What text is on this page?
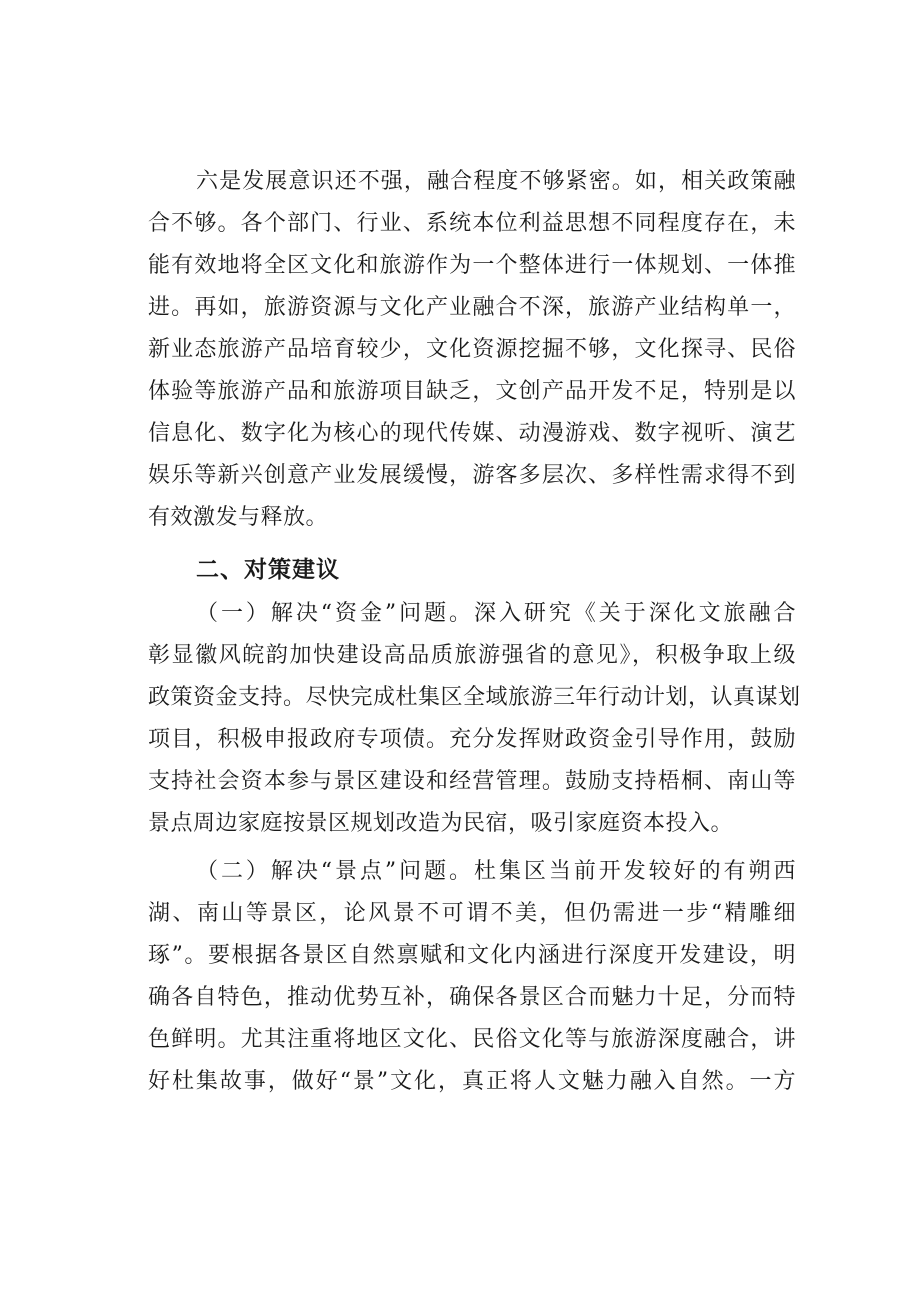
六是发展意识还不强，融合程度不够紧密。如，相关政策融
合不够。各个部门、行业、系统本位利益思想不同程度存在，未
能有效地将全区文化和旅游作为一个整体进行一体规划、一体推
进。再如，旅游资源与文化产业融合不深，旅游产业结构单一，
新业态旅游产品培育较少，文化资源挖掘不够，文化探寻、民俗
体验等旅游产品和旅游项目缺乏，文创产品开发不足，特别是以
信息化、数字化为核心的现代传媒、动漫游戏、数字视听、演艺
娱乐等新兴创意产业发展缓慢，游客多层次、多样性需求得不到
有效激发与释放。
二、对策建议
（一）解决“资金”问题。深入研究《关于深化文旅融合
彰显徽风皖韵加快建设高品质旅游强省的意见》，积极争取上级
政策资金支持。尽快完成杜集区全域旅游三年行动计划，认真谋划
项目，积极申报政府专项债。充分发挥财政资金引导作用，鼓励
支持社会资本参与景区建设和经营管理。鼓励支持梧桐、南山等
景点周边家庭按景区规划改造为民宿，吸引家庭资本投入。
（二）解决“景点”问题。杜集区当前开发较好的有朔西
湖、南山等景区，论风景不可谓不美，但仍需进一步“精雕细
琢”。要根据各景区自然禀赋和文化内涵进行深度开发建设，明
确各自特色，推动优势互补，确保各景区合而魅力十足，分而特
色鲜明。尤其注重将地区文化、民俗文化等与旅游深度融合，讲
好杜集故事，做好“景”文化，真正将人文魅力融入自然。一方
